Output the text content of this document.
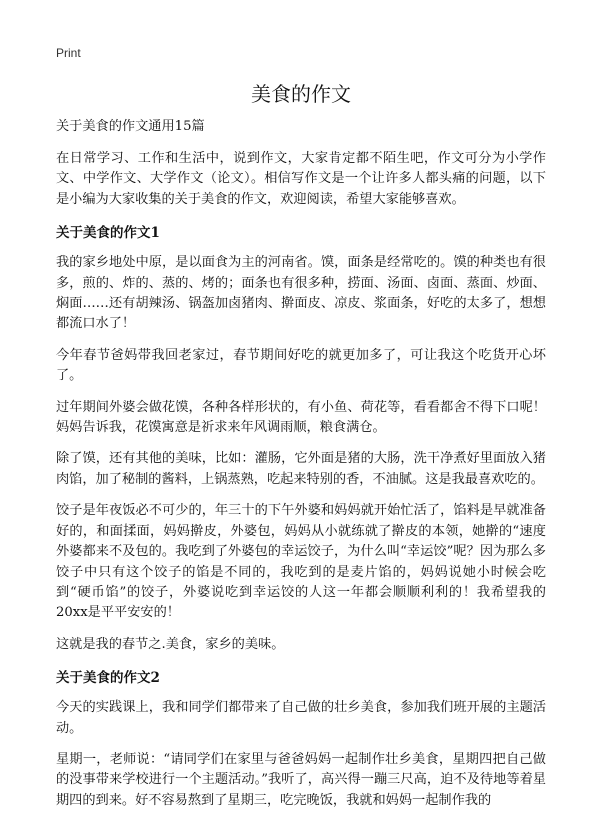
Print
美食的作文
关于美食的作文通用15篇

在日常学习、工作和生活中，说到作文，大家肯定都不陌生吧，作文可分为小学作文、中学作文、大学作文（论文）。相信写作文是一个让许多人都头痛的问题，以下是小编为大家收集的关于美食的作文，欢迎阅读，希望大家能够喜欢。

关于美食的作文1

我的家乡地处中原，是以面食为主的河南省。馍，面条是经常吃的。馍的种类也有很多，煎的、炸的、蒸的、烤的；面条也有很多种，捞面、汤面、卤面、蒸面、炒面、焖面……还有胡辣汤、锅盔加卤猪肉、擀面皮、凉皮、浆面条，好吃的太多了，想想都流口水了！

今年春节爸妈带我回老家过，春节期间好吃的就更加多了，可让我这个吃货开心坏了。

过年期间外婆会做花馍，各种各样形状的，有小鱼、荷花等，看看都舍不得下口呢！妈妈告诉我，花馍寓意是祈求来年风调雨顺，粮食满仓。

除了馍，还有其他的美味，比如：灌肠，它外面是猪的大肠，洗干净煮好里面放入猪肉馅，加了秘制的酱料，上锅蒸熟，吃起来特别的香，不油腻。这是我最喜欢吃的。

饺子是年夜饭必不可少的，年三十的下午外婆和妈妈就开始忙活了，馅料是早就准备好的，和面揉面，妈妈擀皮，外婆包，妈妈从小就练就了擀皮的本领，她擀的“速度外婆都来不及包的。我吃到了外婆包的幸运饺子，为什么叫“幸运饺”呢？因为那么多饺子中只有这个饺子的馅是不同的，我吃到的是麦片馅的，妈妈说她小时候会吃到“硬币馅”的饺子，外婆说吃到幸运饺的人这一年都会顺顺利利的！我希望我的20xx是平平安安的！

这就是我的春节之.美食，家乡的美味。

关于美食的作文2

今天的实践课上，我和同学们都带来了自己做的壮乡美食，参加我们班开展的主题活动。

星期一，老师说：“请同学们在家里与爸爸妈妈一起制作壮乡美食，星期四把自己做的没事带来学校进行一个主题活动。”我听了，高兴得一蹦三尺高，迫不及待地等着星期四的到来。好不容易熬到了星期三，吃完晚饭，我就和妈妈一起制作我的
